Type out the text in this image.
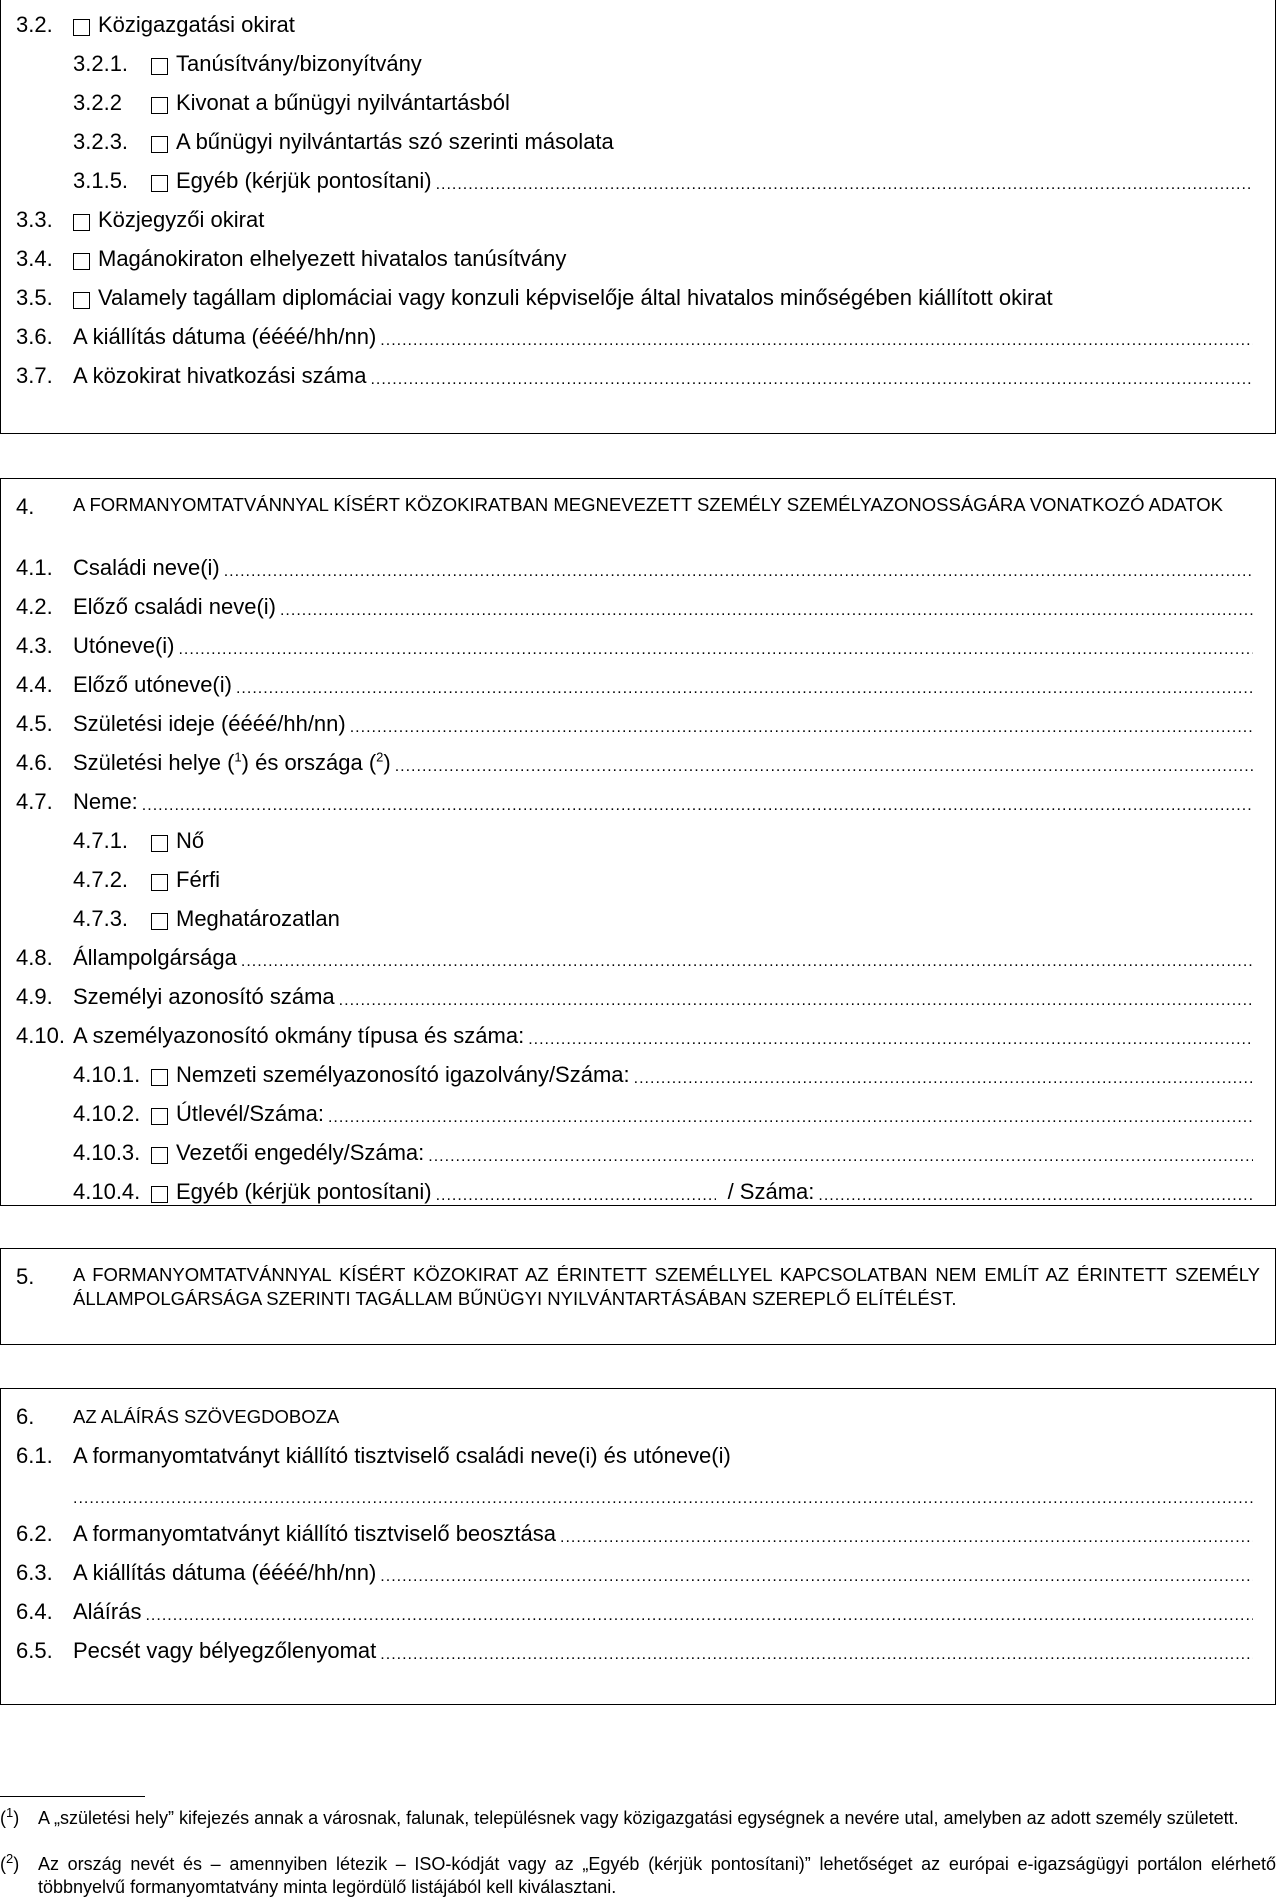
3.2. Közigazgatási okirat
3.2.1. Tanúsítvány/bizonyítvány
3.2.2 Kivonat a bűnügyi nyilvántartásból
3.2.3. A bűnügyi nyilvántartás szó szerinti másolata
3.1.5. Egyéb (kérjük pontosítani)
.....
3.3. Közjegyzői okirat
3.4. Magánokiraton elhelyezett hivatalos tanúsítvány
3.5. Valamely tagállam diplomáciai vagy konzuli képviselője által hivatalos minőségében kiállított okirat
3.6. A kiállítás dátuma (éééé/hh/nn)
.....
3.7. A közokirat hivatkozási száma
.....
4. A FORMANYOMTATVÁNNYAL KÍSÉRT KÖZOKIRATBAN MEGNEVEZETT SZEMÉLY SZEMÉLYAZONOSSÁGÁRA VONATKOZÓ ADATOK
4.1. Családi neve(i)
.....
4.2. Előző családi neve(i)
.....
4.3. Utóneve(i)
.....
4.4. Előző utóneve(i)
.....
4.5. Születési ideje (éééé/hh/nn)
.....
4.6. Születési helye ($^1$) és országa ($^2$)
.....
4.7. Neme:
.....
4.7.1. Nő
4.7.2. Férfi
4.7.3. Meghatározatlan
4.8. Állampolgársága
.....
4.9. Személyi azonosító száma
.....
4.10. A személyazonosító okmány típusa és száma:
.....
4.10.1. Nemzeti személyazonosító igazolvány/Száma:
.....
4.10.2. Útlevél/Száma:
.....
4.10.3. Vezetői engedély/Száma:
.....
4.10.4. Egyéb (kérjük pontosítani)
.....	/ Száma:
.....
5. A FORMANYOMTATVÁNNYAL KÍSÉRT KÖZOKIRAT AZ ÉRINTETT SZEMÉLLYEL KAPCSOLATBAN NEM EMLÍT AZ ÉRINTETT SZEMÉLY ÁLLAMPOLGÁRSÁGA SZERINTI TAGÁLLAM BŰNÜGYI NYILVÁNTARTÁSÁBAN SZEREPLŐ ELÍTÉLÉST.
6. AZ ALÁÍRÁS SZÖVEGDOBOZA
6.1. A formanyomtatványt kiállító tisztviselő családi neve(i) és utóneve(i)
.....
6.2. A formanyomtatványt kiállító tisztviselő beosztása
.....
6.3. A kiállítás dátuma (éééé/hh/nn)
.....
6.4. Aláírás
.....
6.5. Pecsét vagy bélyegzőlenyomat
.....
($^1$) A „születési hely” kifejezés annak a városnak, falunak, településnek vagy közigazgatási egységnek a nevére utal, amelyben az adott személy született.
($^2$) Az ország nevét és – amennyiben létezik – ISO-kódját vagy az „Egyéb (kérjük pontosítani)” lehetőséget az európai e-igazságügyi portálon elérhető többnyelvű formanyomtatvány minta legördülő listájából kell kiválasztani.
